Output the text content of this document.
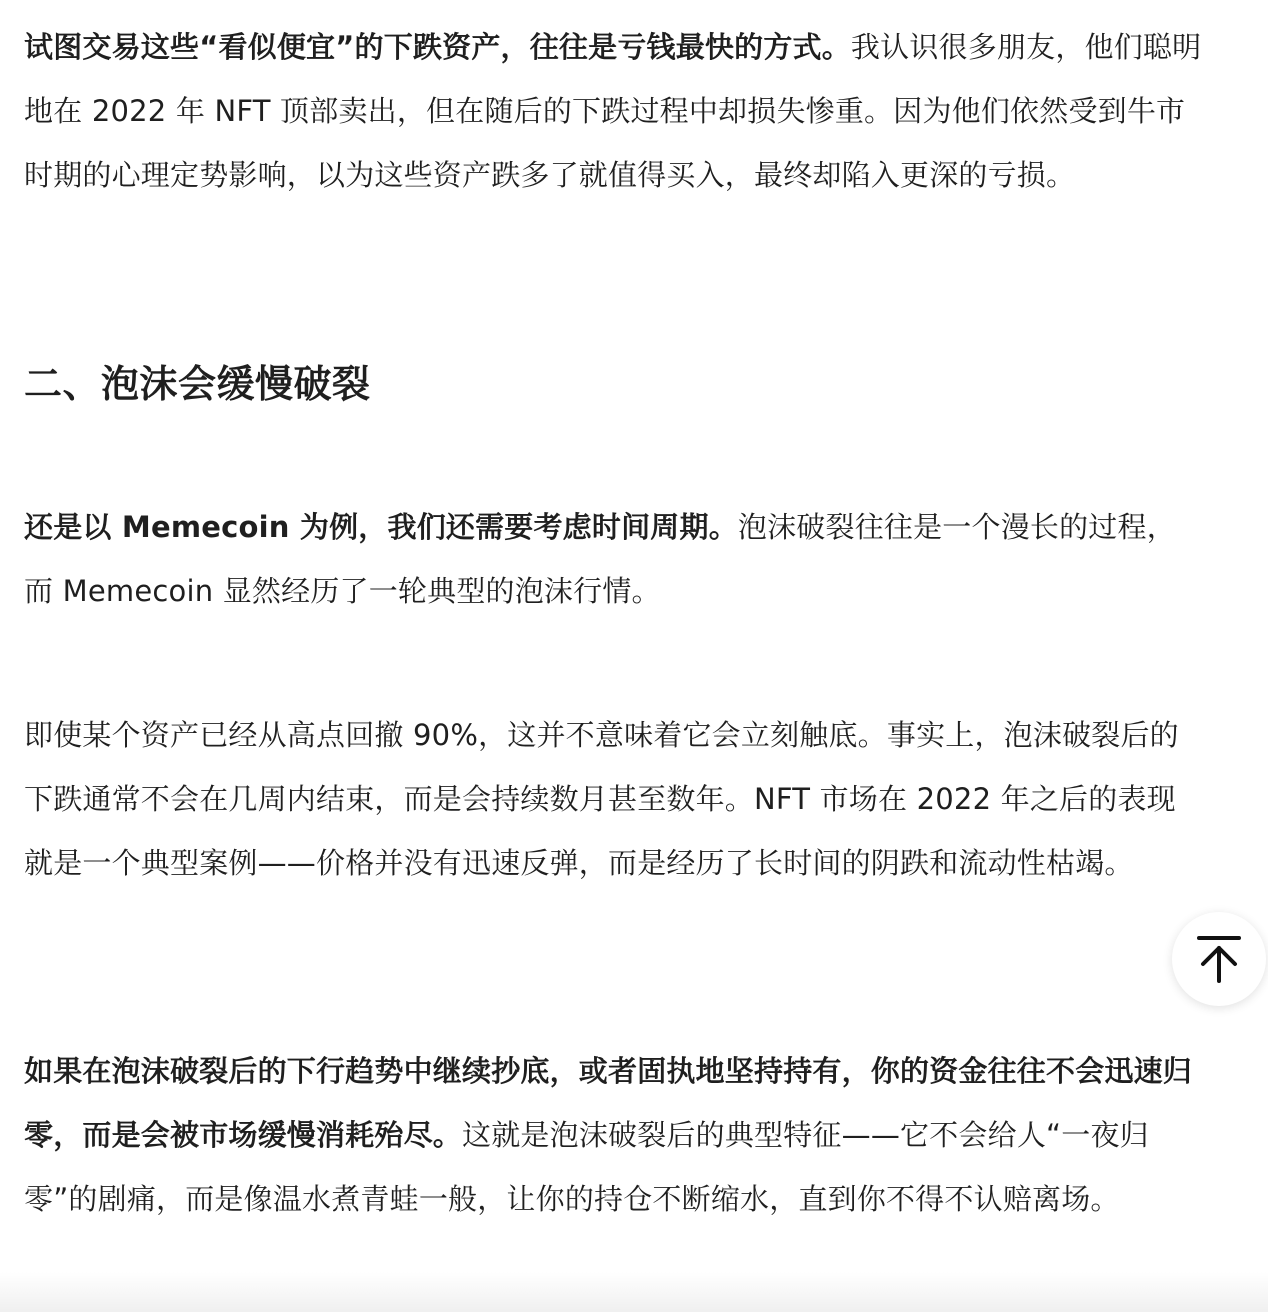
试图交易这些“看似便宜”的下跌资产，往往是亏钱最快的方式。我认识很多朋友，他们聪明地在 2022 年 NFT 顶部卖出，但在随后的下跌过程中却损失惨重。因为他们依然受到牛市时期的心理定势影响，以为这些资产跌多了就值得买入，最终却陷入更深的亏损。

二、泡沫会缓慢破裂

还是以 Memecoin 为例，我们还需要考虑时间周期。泡沫破裂往往是一个漫长的过程，而 Memecoin 显然经历了一轮典型的泡沫行情。

即使某个资产已经从高点回撤 90%，这并不意味着它会立刻触底。事实上，泡沫破裂后的下跌通常不会在几周内结束，而是会持续数月甚至数年。NFT 市场在 2022 年之后的表现就是一个典型案例——价格并没有迅速反弹，而是经历了长时间的阴跌和流动性枯竭。

如果在泡沫破裂后的下行趋势中继续抄底，或者固执地坚持持有，你的资金往往不会迅速归零，而是会被市场缓慢消耗殆尽。这就是泡沫破裂后的典型特征——它不会给人“一夜归零”的剧痛，而是像温水煮青蛙一般，让你的持仓不断缩水，直到你不得不认赔离场。
